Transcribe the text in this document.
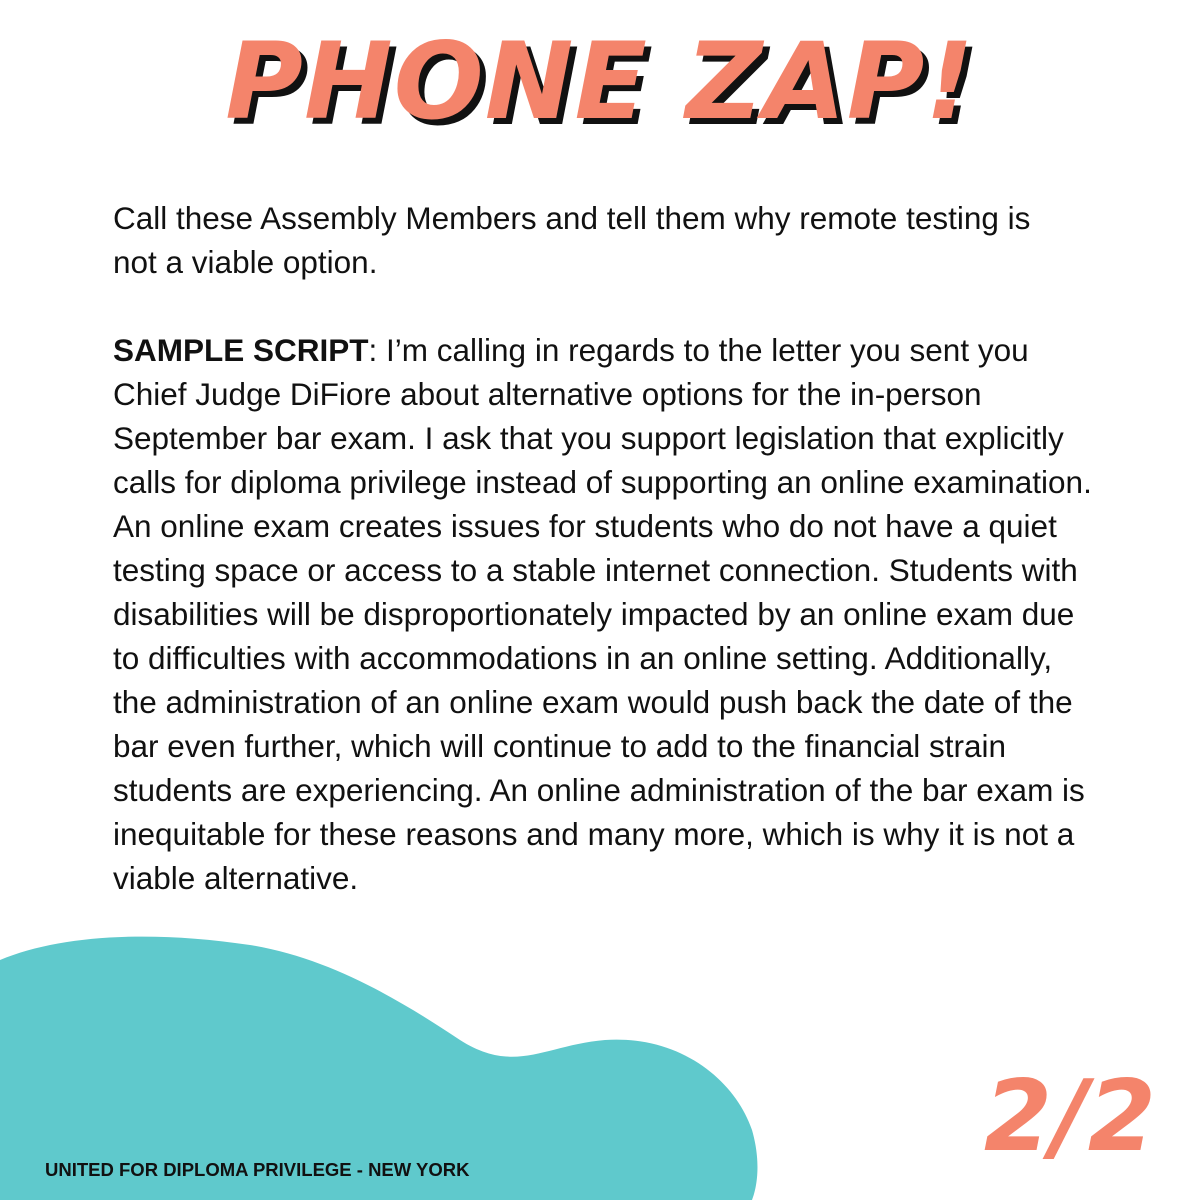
PHONE ZAP!

Call these Assembly Members and tell them why remote testing is not a viable option.

SAMPLE SCRIPT: I’m calling in regards to the letter you sent you Chief Judge DiFiore about alternative options for the in-person September bar exam. I ask that you support legislation that explicitly calls for diploma privilege instead of supporting an online examination. An online exam creates issues for students who do not have a quiet testing space or access to a stable internet connection. Students with disabilities will be disproportionately impacted by an online exam due to difficulties with accommodations in an online setting. Additionally, the administration of an online exam would push back the date of the bar even further, which will continue to add to the financial strain students are experiencing. An online administration of the bar exam is inequitable for these reasons and many more, which is why it is not a viable alternative.

2/2
UNITED FOR DIPLOMA PRIVILEGE - NEW YORK
